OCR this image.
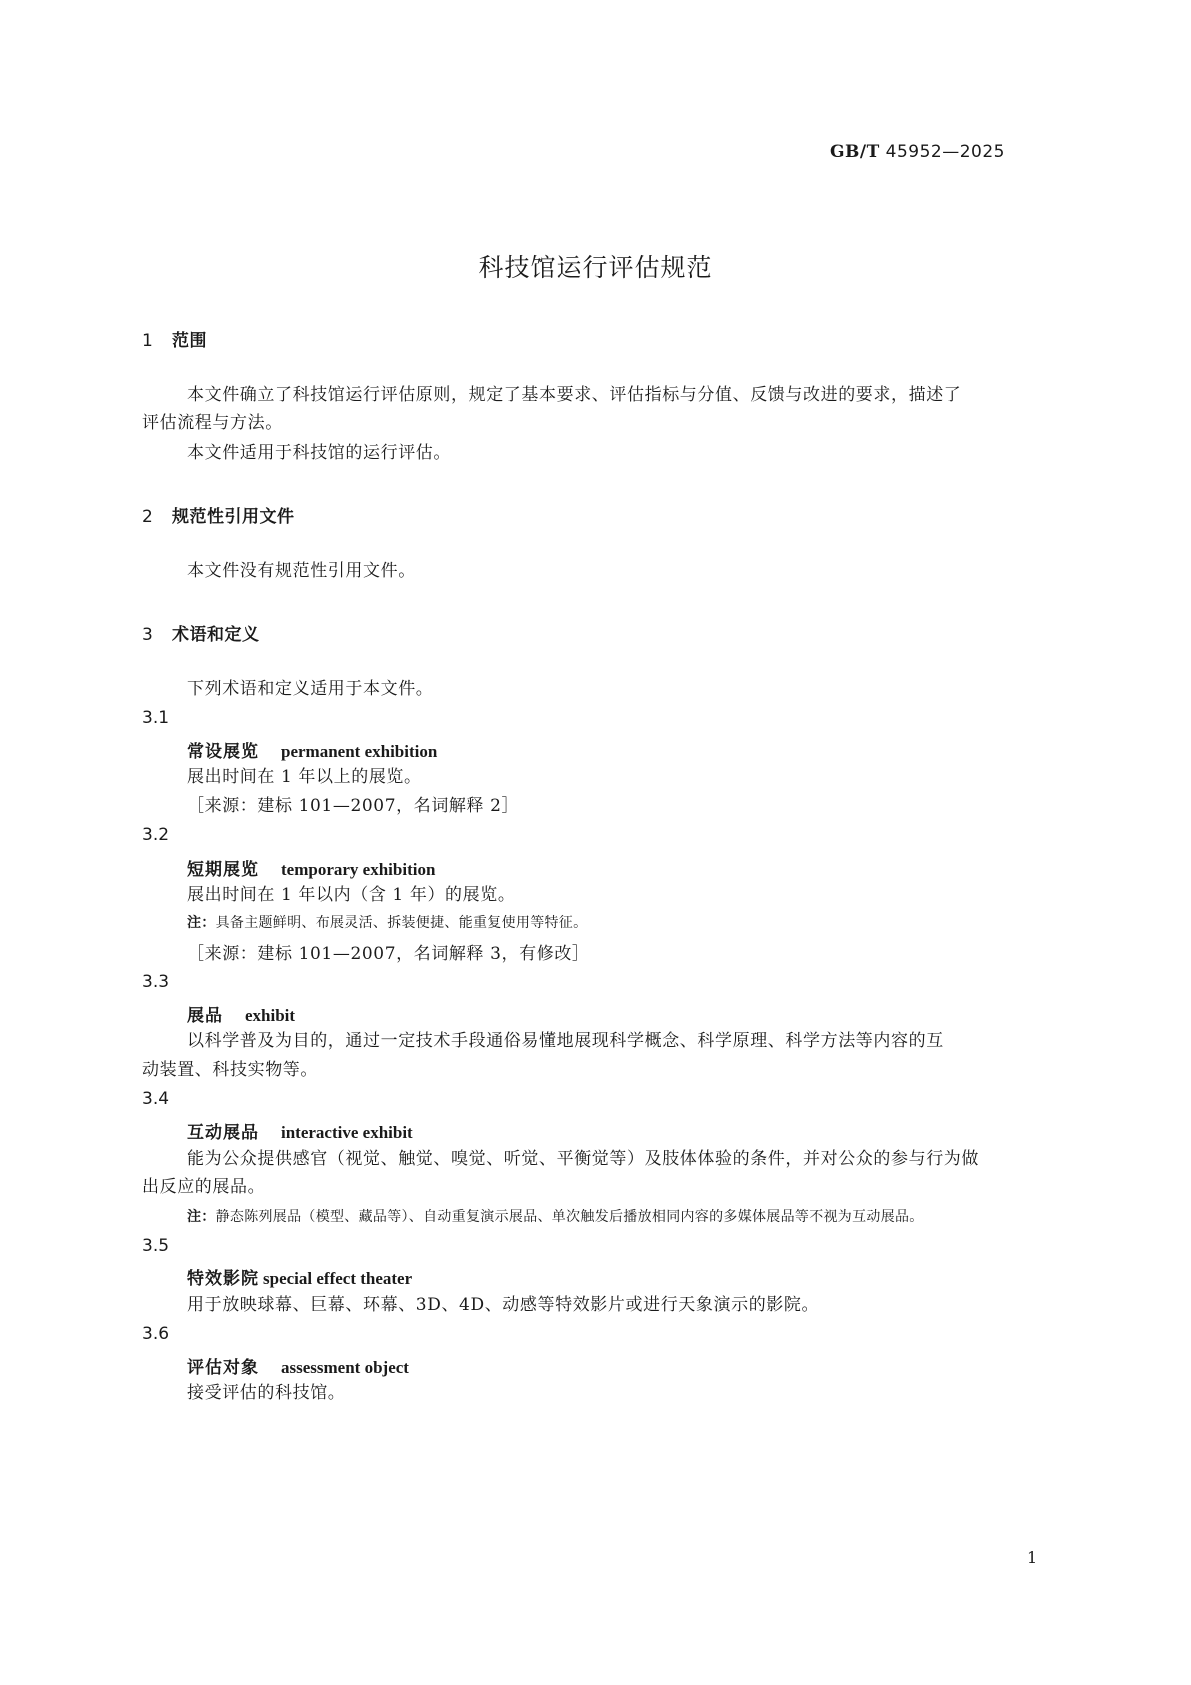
GB/T 45952—2025
科技馆运行评估规范
1 范围
本文件确立了科技馆运行评估原则，规定了基本要求、评估指标与分值、反馈与改进的要求，描述了
评估流程与方法。
本文件适用于科技馆的运行评估。
2 规范性引用文件
本文件没有规范性引用文件。
3 术语和定义
下列术语和定义适用于本文件。
3.1
常设展览 permanent exhibition
展出时间在 1 年以上的展览。
［来源：建标 101—2007，名词解释 2］
3.2
短期展览 temporary exhibition
展出时间在 1 年以内（含 1 年）的展览。
注：具备主题鲜明、布展灵活、拆装便捷、能重复使用等特征。
［来源：建标 101—2007，名词解释 3，有修改］
3.3
展品 exhibit
以科学普及为目的，通过一定技术手段通俗易懂地展现科学概念、科学原理、科学方法等内容的互
动装置、科技实物等。
3.4
互动展品 interactive exhibit
能为公众提供感官（视觉、触觉、嗅觉、听觉、平衡觉等）及肢体体验的条件，并对公众的参与行为做
出反应的展品。
注：静态陈列展品（模型、藏品等）、自动重复演示展品、单次触发后播放相同内容的多媒体展品等不视为互动展品。
3.5
特效影院 special effect theater
用于放映球幕、巨幕、环幕、3D、4D、动感等特效影片或进行天象演示的影院。
3.6
评估对象 assessment object
接受评估的科技馆。
1
